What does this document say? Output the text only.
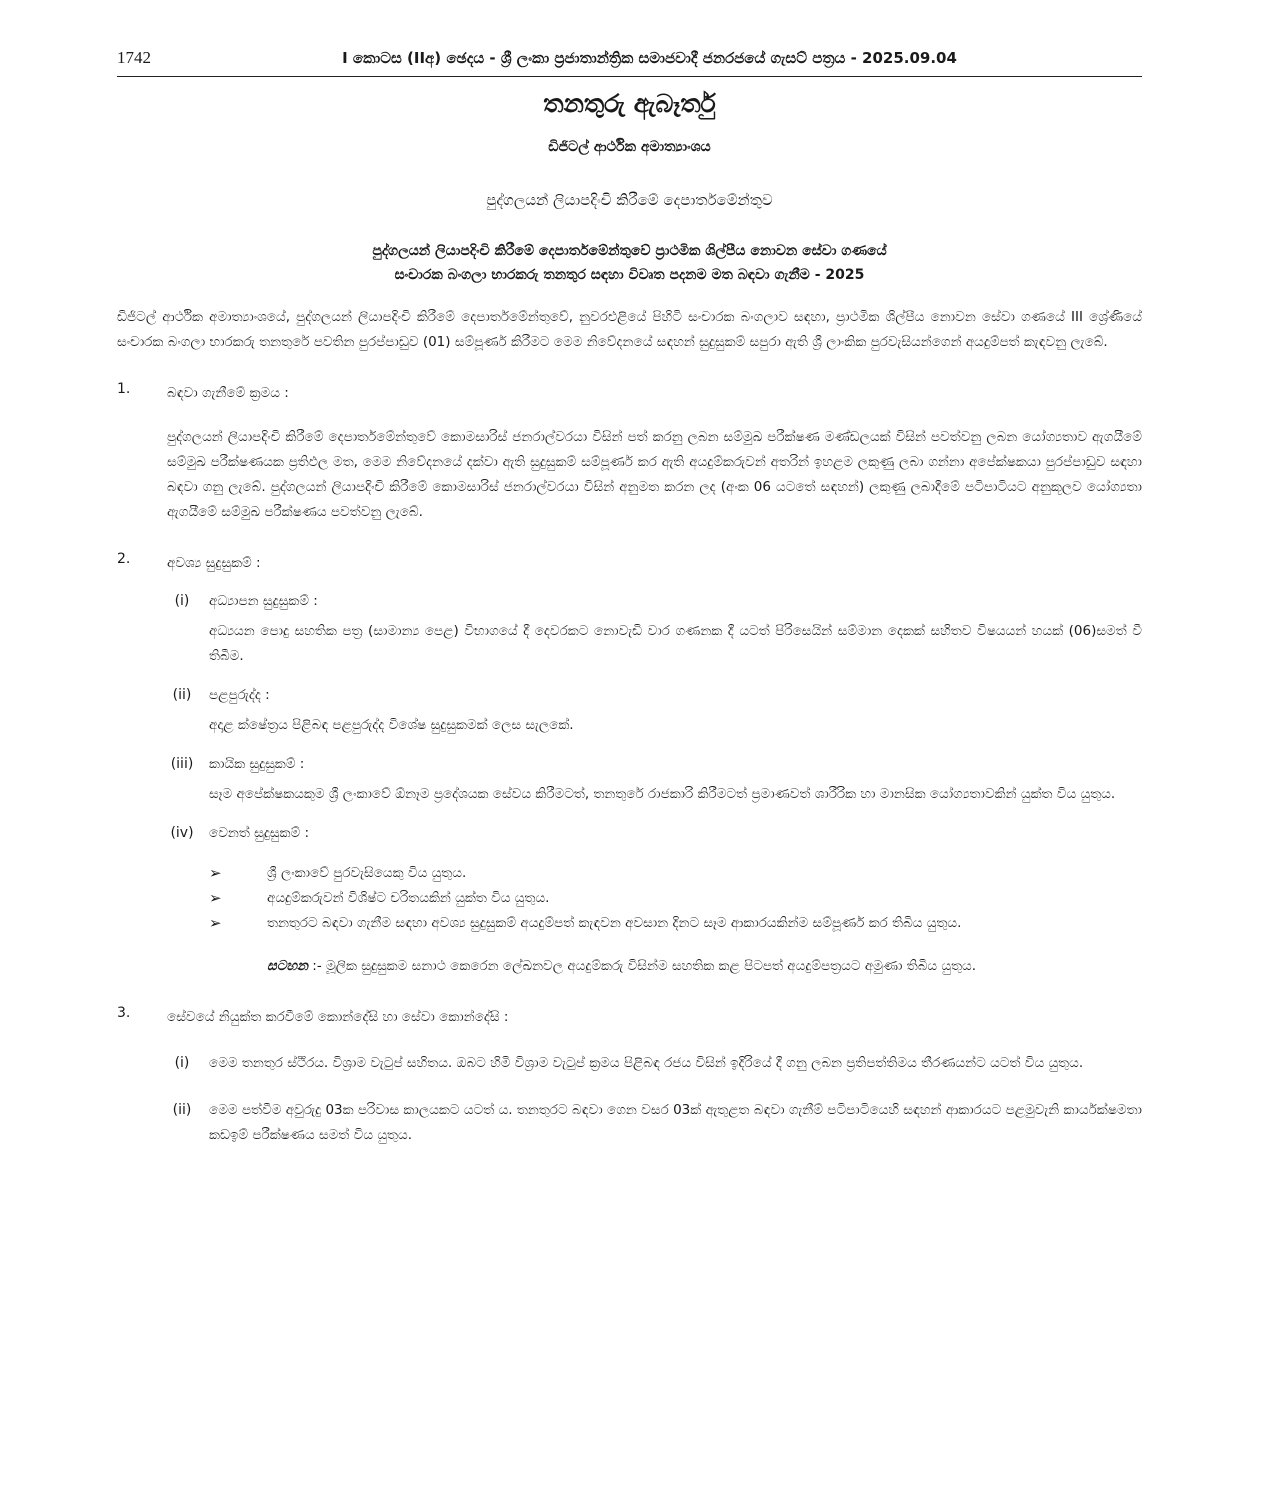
1742	I කොටස (IIඅ) ඡෙදය - ශ්‍රී ලංකා ප්‍රජාතාන්ත්‍රික සමාජවාදී ජනරජයේ ගැසට් පත්‍රය - 2025.09.04
තනතුරු ඇබෑර්තු
ඩිජිටල් ආර්ථික අමාත්‍යාංශය
පුද්ගලයන් ලියාපදිංචි කිරීමේ දෙපාර්තමේන්තුව
පුද්ගලයන් ලියාපදිංචි කිරීමේ දෙපාර්තමේන්තුවේ ප්‍රාථමික ශිල්පීය නොවන සේවා ගණයේ
සංචාරක බංගලා භාරකරු තනතුර සඳහා විවෘත පදනම මත බඳවා ගැනීම - 2025
ඩිජිටල් ආර්ථික අමාත්‍යාංශයේ, පුද්ගලයන් ලියාපදිංචි කිරීමේ දෙපාර්තමේන්තුවේ, නුවරඑළියේ පිහිටි සංචාරක බංගලාව සඳහා, ප්‍රාථමික ශිල්පීය නොවන සේවා ගණයේ III ශ්‍රේණියේ සංචාරක බංගලා භාරකරු තනතුරේ පවතින පුරප්පාඩුව (01) සම්පූර්ණ කිරීමට මෙම නිවේදනයේ සඳහන් සුදුසුකම් සපුරා ඇති ශ්‍රී ලාංකික පුරවැසියන්ගෙන් අයදුම්පත් කැඳවනු ලැබේ.
1.	බඳවා ගැනීමේ ක්‍රමය :
පුද්ගලයන් ලියාපදිංචි කිරීමේ දෙපාර්තමේන්තුවේ කොමසාරිස් ජනරාල්වරයා විසින් පත් කරනු ලබන සම්මුඛ පරීක්ෂණ මණ්ඩලයක් විසින් පවත්වනු ලබන යෝග්‍යතාව ඇගයීමේ සම්මුඛ පරීක්ෂණයක ප්‍රතිඵල මත, මෙම නිවේදනයේ දක්වා ඇති සුදුසුකම් සම්පූර්ණ කර ඇති අයදුම්කරුවන් අතරින් ඉහළම ලකුණු ලබා ගන්නා අපේක්ෂකයා පුරප්පාඩුව සඳහා බඳවා ගනු ලැබේ. පුද්ගලයන් ලියාපදිංචි කිරීමේ කොමසාරිස් ජනරාල්වරයා විසින් අනුමත කරන ලද (අංක 06 යටතේ සඳහන්) ලකුණු ලබාදීමේ පටිපාටියට අනුකූලව යෝග්‍යතා ඇගයීමේ සම්මුඛ පරීක්ෂණය පවත්වනු ලැබේ.
2.	අවශ්‍ය සුදුසුකම් :
(i)	අධ්‍යාපන සුදුසුකම් :
අධ්‍යයන පොදු සහතික පත්‍ර (සාමාන්‍ය පෙළ) විභාගයේ දී දෙවරකට නොවැඩි වාර ගණනක දී යටත් පිරිසෙයින් සම්මාන දෙකක් සහිතව විෂයයන් හයක් (06)සමත් වී තිබීම.
(ii)	පළපුරුද්ද :
අදාළ ක්ෂේත්‍රය පිළිබඳ පළපුරුද්ද විශේෂ සුදුසුකමක් ලෙස සැලකේ.
(iii) කායික සුදුසුකම් :
සෑම අපේක්ෂකයකුම ශ්‍රී ලංකාවේ ඕනෑම ප්‍රදේශයක සේවය කිරීමටත්, තනතුරේ රාජකාරි කිරීමටත් ප්‍රමාණවත් ශාරීරික හා මානසික යෝග්‍යතාවකින් යුක්ත විය යුතුය.
(iv) වෙනත් සුදුසුකම් :
➢	ශ්‍රී ලංකාවේ පුරවැසියෙකු විය යුතුය.
➢	අයදුම්කරුවන් විශිෂ්ට චරිතයකින් යුක්ත විය යුතුය.
➢	තනතුරට බඳවා ගැනීම සඳහා අවශ්‍ය සුදුසුකම් අයදුම්පත් කැඳවන අවසාන දිනට සෑම ආකාරයකින්ම සම්පූර්ණ කර තිබිය යුතුය.
සටහන :- මූලික සුදුසුකම සනාථ කෙරෙන ලේඛනවල අයදුම්කරු විසින්ම සහතික කළ පිටපත් අයදුම්පත්‍රයට අමුණා තිබිය යුතුය.
3.	සේවයේ නියුක්ත කරවීමේ කොන්දේසි හා සේවා කොන්දේසි :
(i)	මෙම තනතුර ස්ථිරය. විශ්‍රාම වැටුප් සහිතය. ඔබට හිමි විශ්‍රාම වැටුප් ක්‍රමය පිළිබඳ රජය විසින් ඉදිරියේ දී ගනු ලබන ප්‍රතිපත්තිමය තීරණයන්ට යටත් විය යුතුය.
(ii)	මෙම පත්වීම අවුරුදු 03ක පරිවාස කාලයකට යටත් ය. තනතුරට බඳවා ගෙන වසර 03ක් ඇතුළත බඳවා ගැනීම් පටිපාටියෙහි සඳහන් ආකාරයට පළමුවැනි කාර්යක්ෂමතා කඩඉම් පරීක්ෂණය සමත් විය යුතුය.
